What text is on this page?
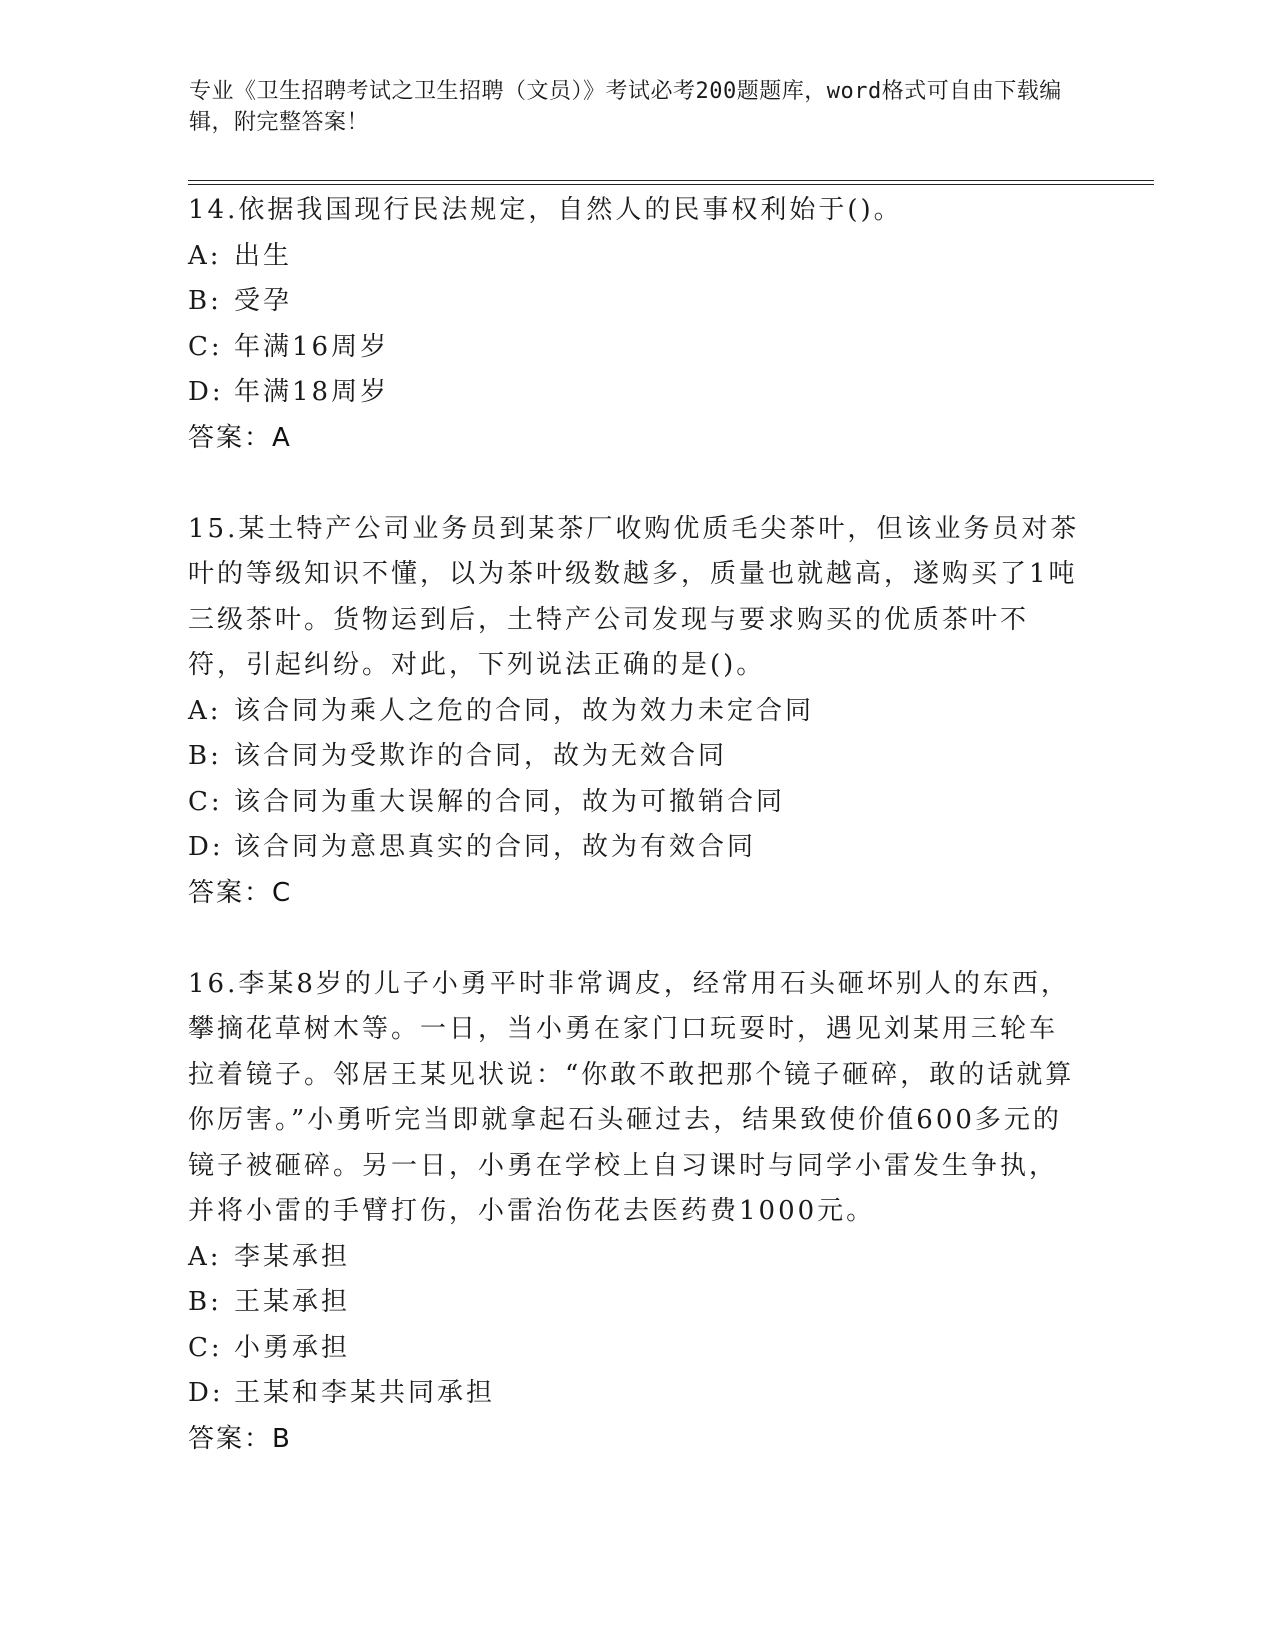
专业《卫生招聘考试之卫生招聘（文员）》考试必考200题题库，word格式可自由下载编辑，附完整答案！
14.依据我国现行民法规定，自然人的民事权利始于()。
A: 出生
B: 受孕
C: 年满16周岁
D: 年满18周岁
答案：A
15.某土特产公司业务员到某茶厂收购优质毛尖茶叶，但该业务员对茶叶的等级知识不懂，以为茶叶级数越多，质量也就越高，遂购买了1吨三级茶叶。货物运到后，土特产公司发现与要求购买的优质茶叶不符，引起纠纷。对此，下列说法正确的是()。
A: 该合同为乘人之危的合同，故为效力未定合同
B: 该合同为受欺诈的合同，故为无效合同
C: 该合同为重大误解的合同，故为可撤销合同
D: 该合同为意思真实的合同，故为有效合同
答案：C
16.李某8岁的儿子小勇平时非常调皮，经常用石头砸坏别人的东西，攀摘花草树木等。一日，当小勇在家门口玩耍时，遇见刘某用三轮车拉着镜子。邻居王某见状说：“你敢不敢把那个镜子砸碎，敢的话就算你厉害。”小勇听完当即就拿起石头砸过去，结果致使价值600多元的镜子被砸碎。另一日，小勇在学校上自习课时与同学小雷发生争执，并将小雷的手臂打伤，小雷治伤花去医药费1000元。
A: 李某承担
B: 王某承担
C: 小勇承担
D: 王某和李某共同承担
答案：B
